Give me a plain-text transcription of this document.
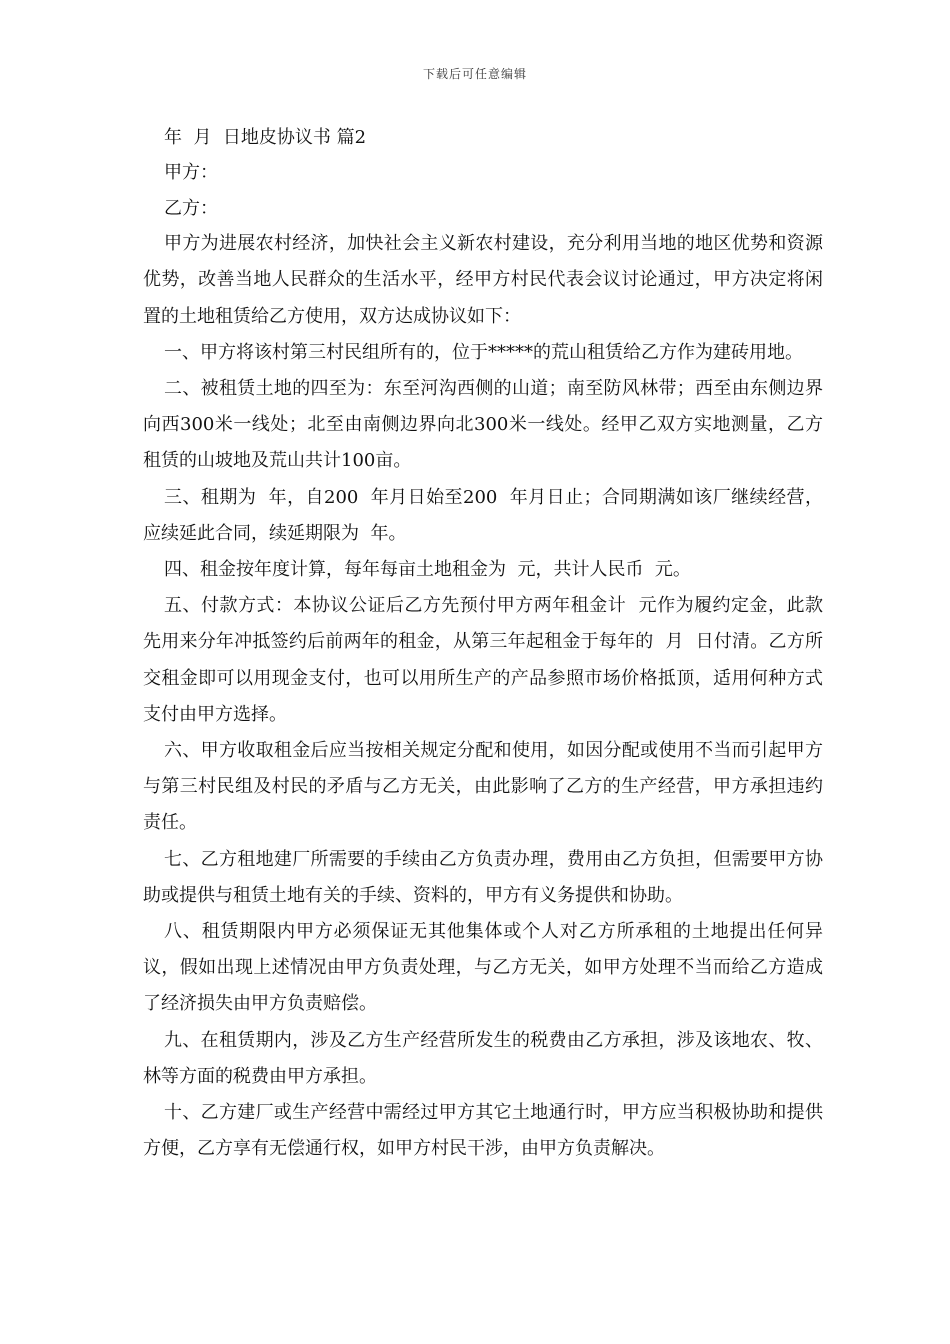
下载后可任意编辑

年  月  日地皮协议书 篇2

甲方：

乙方：

甲方为进展农村经济，加快社会主义新农村建设，充分利用当地的地区优势和资源优势，改善当地人民群众的生活水平，经甲方村民代表会议讨论通过，甲方决定将闲置的土地租赁给乙方使用，双方达成协议如下：

一、甲方将该村第三村民组所有的，位于*****的荒山租赁给乙方作为建砖用地。

二、被租赁土地的四至为：东至河沟西侧的山道；南至防风林带；西至由东侧边界向西300米一线处；北至由南侧边界向北300米一线处。经甲乙双方实地测量，乙方租赁的山坡地及荒山共计100亩。

三、租期为  年，自200  年月日始至200  年月日止；合同期满如该厂继续经营，应续延此合同，续延期限为  年。

四、租金按年度计算，每年每亩土地租金为  元，共计人民币  元。

五、付款方式：本协议公证后乙方先预付甲方两年租金计  元作为履约定金，此款先用来分年冲抵签约后前两年的租金，从第三年起租金于每年的  月  日付清。乙方所交租金即可以用现金支付，也可以用所生产的产品参照市场价格抵顶，适用何种方式支付由甲方选择。

六、甲方收取租金后应当按相关规定分配和使用，如因分配或使用不当而引起甲方与第三村民组及村民的矛盾与乙方无关，由此影响了乙方的生产经营，甲方承担违约责任。

七、乙方租地建厂所需要的手续由乙方负责办理，费用由乙方负担，但需要甲方协助或提供与租赁土地有关的手续、资料的，甲方有义务提供和协助。

八、租赁期限内甲方必须保证无其他集体或个人对乙方所承租的土地提出任何异议，假如出现上述情况由甲方负责处理，与乙方无关，如甲方处理不当而给乙方造成了经济损失由甲方负责赔偿。

九、在租赁期内，涉及乙方生产经营所发生的税费由乙方承担，涉及该地农、牧、林等方面的税费由甲方承担。

十、乙方建厂或生产经营中需经过甲方其它土地通行时，甲方应当积极协助和提供方便，乙方享有无偿通行权，如甲方村民干涉，由甲方负责解决。
